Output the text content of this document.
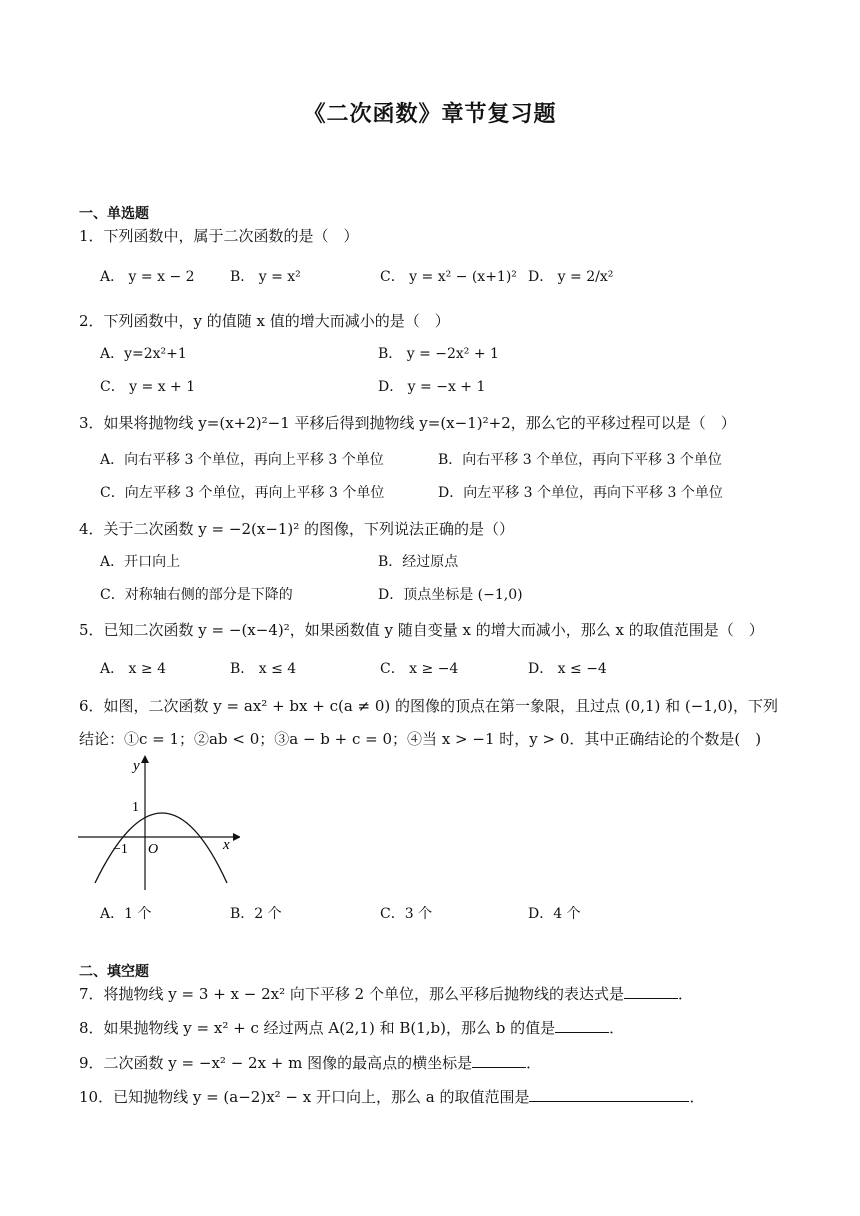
《二次函数》章节复习题
一、单选题
1．下列函数中，属于二次函数的是（　）
A． y = x − 2	B． y = x²	C． y = x² − (x+1)² D． y = 2/x²
2．下列函数中，y 的值随 x 值的增大而减小的是（　）
A．y=2x²+1	B． y = −2x² + 1
C． y = x + 1	D． y = −x + 1
3．如果将抛物线 y=(x+2)²−1 平移后得到抛物线 y=(x−1)²+2，那么它的平移过程可以是（　）
A．向右平移 3 个单位，再向上平移 3 个单位	B．向右平移 3 个单位，再向下平移 3 个单位
C．向左平移 3 个单位，再向上平移 3 个单位	D．向左平移 3 个单位，再向下平移 3 个单位
4．关于二次函数 y = −2(x−1)² 的图像，下列说法正确的是（）
A．开口向上	B．经过原点
C．对称轴右侧的部分是下降的	D．顶点坐标是 (−1,0)
5．已知二次函数 y = −(x−4)²，如果函数值 y 随自变量 x 的增大而减小，那么 x 的取值范围是（　）
A． x ≥ 4	B． x ≤ 4	C． x ≥ −4	D． x ≤ −4
6．如图，二次函数 y = ax² + bx + c(a ≠ 0) 的图像的顶点在第一象限，且过点 (0,1) 和 (−1,0)，下列
结论：①c = 1；②ab < 0；③a − b + c = 0；④当 x > −1 时，y > 0．其中正确结论的个数是(　)
y
x
1
−1 O
A．1 个	B．2 个	C．3 个	D．4 个
二、填空题
7．将抛物线 y = 3 + x − 2x² 向下平移 2 个单位，那么平移后抛物线的表达式是	．
8．如果抛物线 y = x² + c 经过两点 A(2,1) 和 B(1,b)，那么 b 的值是	．
9．二次函数 y = −x² − 2x + m 图像的最高点的横坐标是	．
10．已知抛物线 y = (a−2)x² − x 开口向上，那么 a 的取值范围是	．
